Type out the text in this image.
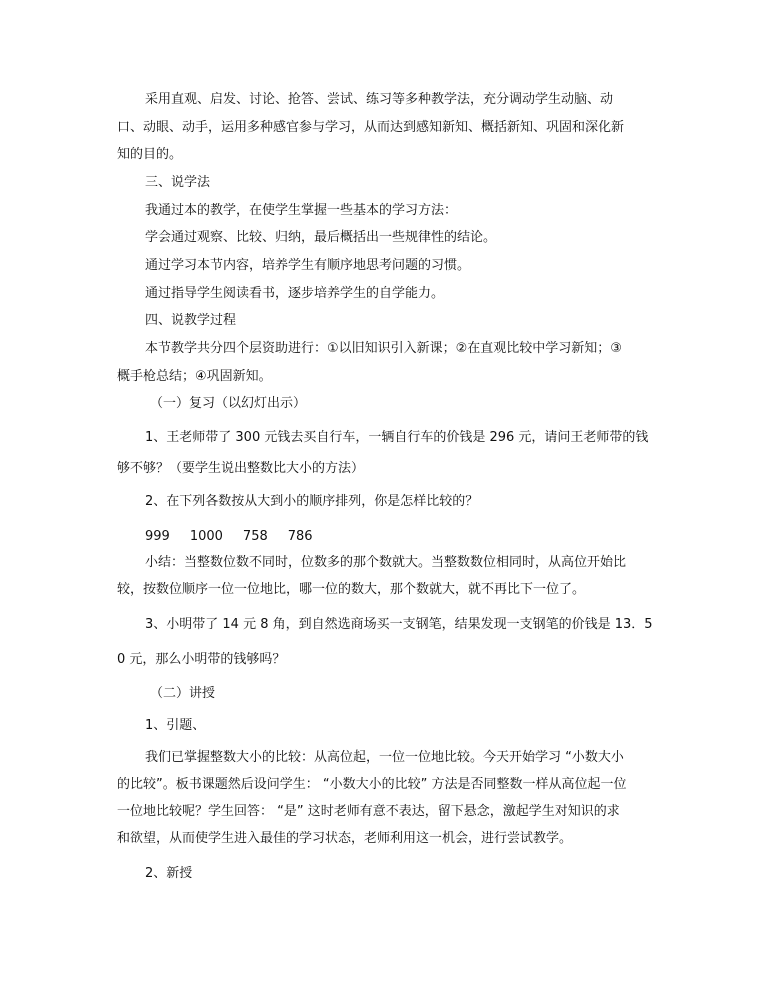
采用直观、启发、讨论、抢答、尝试、练习等多种教学法，充分调动学生动脑、动

口、动眼、动手，运用多种感官参与学习，从而达到感知新知、概括新知、巩固和深化新

知的目的。

三、说学法

我通过本的教学，在使学生掌握一些基本的学习方法：

学会通过观察、比较、归纳，最后概括出一些规律性的结论。

通过学习本节内容，培养学生有顺序地思考问题的习惯。

通过指导学生阅读看书，逐步培养学生的自学能力。

四、说教学过程

本节教学共分四个层资助进行：①以旧知识引入新课；②在直观比较中学习新知；③

概手枪总结；④巩固新知。

（一）复习（以幻灯出示）

1、王老师带了 300 元钱去买自行车，一辆自行车的价钱是 296 元，请问王老师带的钱

够不够？（要学生说出整数比大小的方法）

2、在下列各数按从大到小的顺序排列，你是怎样比较的？

999 1000 758 786

小结：当整数位数不同时，位数多的那个数就大。当整数数位相同时，从高位开始比

较，按数位顺序一位一位地比，哪一位的数大，那个数就大，就不再比下一位了。

3、小明带了 14 元 8 角，到自然选商场买一支钢笔，结果发现一支钢笔的价钱是 13．5

0 元，那么小明带的钱够吗？

（二）讲授

1、引题、

我们已掌握整数大小的比较：从高位起，一位一位地比较。今天开始学习 “小数大小

的比较”。板书课题然后设问学生： “小数大小的比较” 方法是否同整数一样从高位起一位

一位地比较呢？学生回答： “是” 这时老师有意不表达，留下悬念，激起学生对知识的求

和欲望，从而使学生进入最佳的学习状态，老师利用这一机会，进行尝试教学。

2、新授
